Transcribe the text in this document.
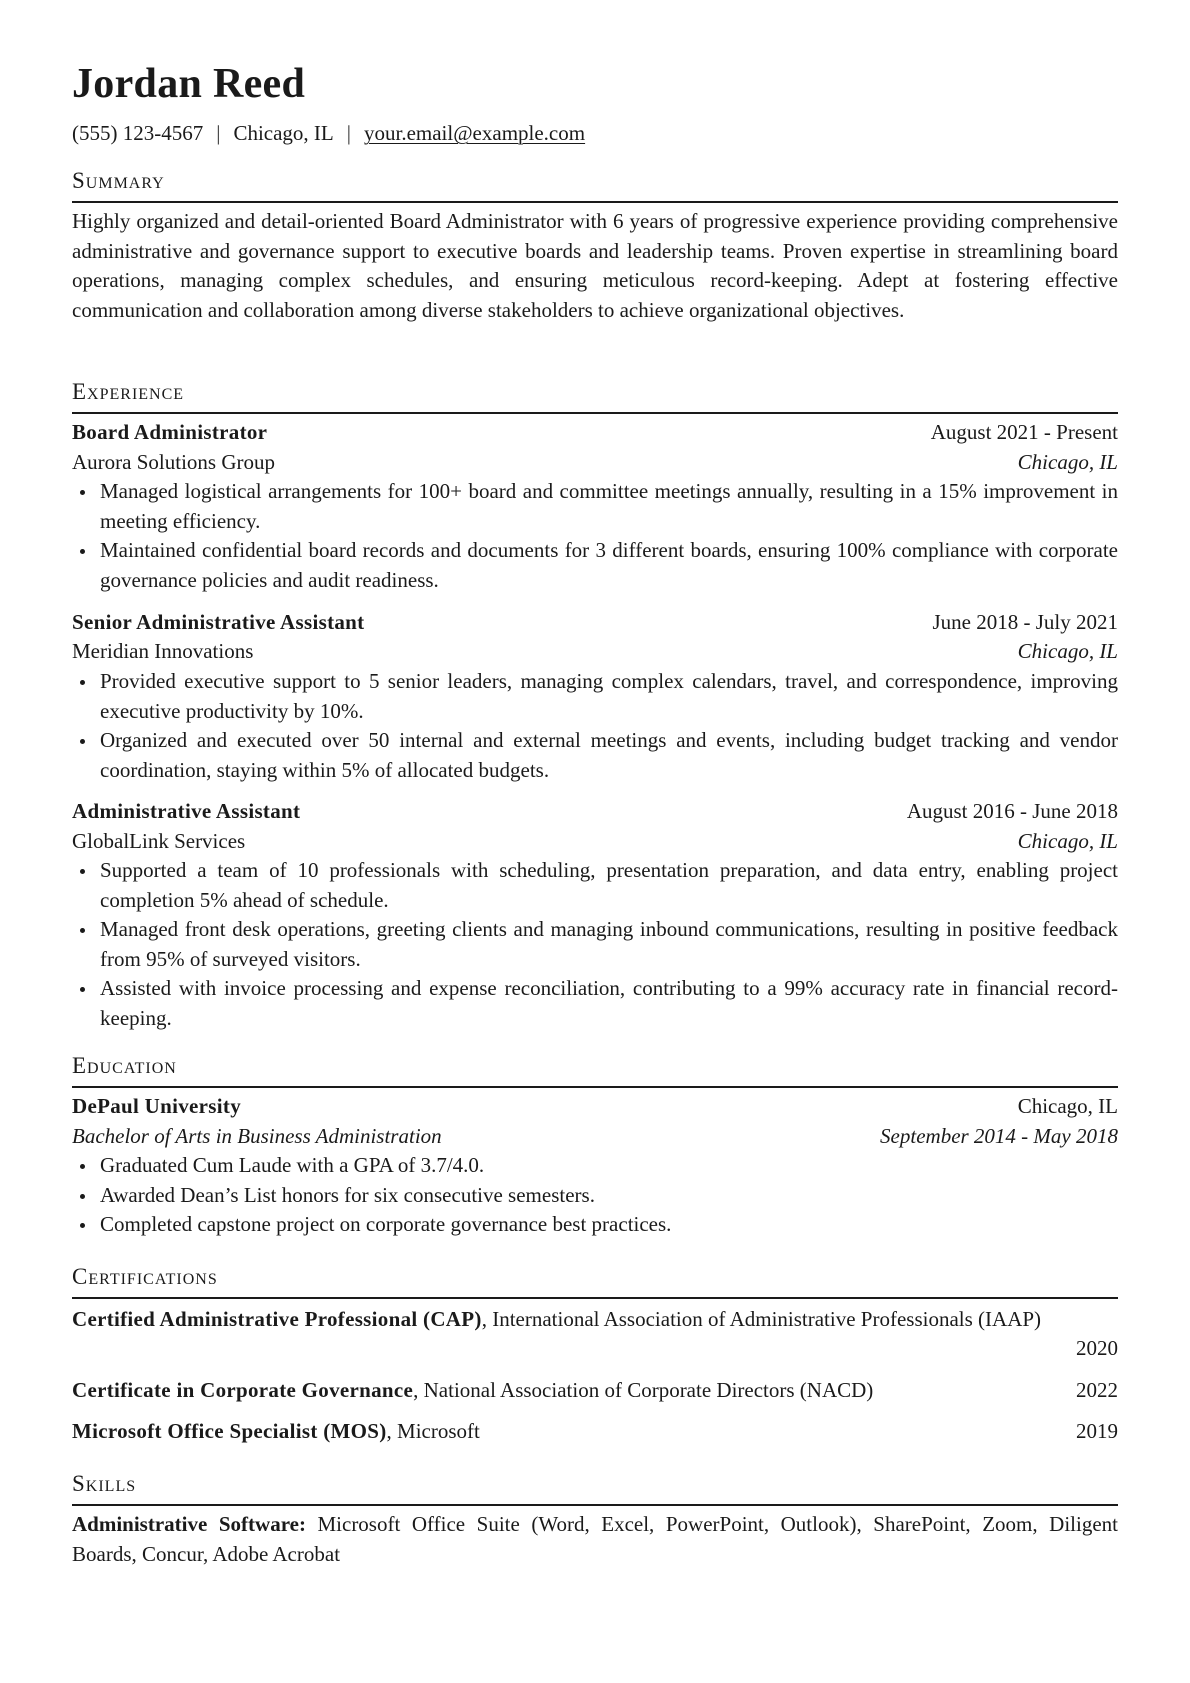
Jordan Reed
(555) 123-4567 | Chicago, IL | your.email@example.com
Summary
Highly organized and detail-oriented Board Administrator with 6 years of progressive experience providing comprehensive administrative and governance support to executive boards and leadership teams. Proven expertise in streamlining board operations, managing complex schedules, and ensuring meticulous record-keeping. Adept at fostering effective communication and collaboration among diverse stakeholders to achieve organizational objectives.
Experience
Board Administrator	August 2021 - Present
Aurora Solutions Group	Chicago, IL
Managed logistical arrangements for 100+ board and committee meetings annually, resulting in a 15% improvement in meeting efficiency.
Maintained confidential board records and documents for 3 different boards, ensuring 100% compliance with corporate governance policies and audit readiness.
Senior Administrative Assistant	June 2018 - July 2021
Meridian Innovations	Chicago, IL
Provided executive support to 5 senior leaders, managing complex calendars, travel, and correspondence, improving executive productivity by 10%.
Organized and executed over 50 internal and external meetings and events, including budget tracking and vendor coordination, staying within 5% of allocated budgets.
Administrative Assistant	August 2016 - June 2018
GlobalLink Services	Chicago, IL
Supported a team of 10 professionals with scheduling, presentation preparation, and data entry, enabling project completion 5% ahead of schedule.
Managed front desk operations, greeting clients and managing inbound communications, resulting in positive feedback from 95% of surveyed visitors.
Assisted with invoice processing and expense reconciliation, contributing to a 99% accuracy rate in financial record-keeping.
Education
DePaul University	Chicago, IL
Bachelor of Arts in Business Administration	September 2014 - May 2018
Graduated Cum Laude with a GPA of 3.7/4.0.
Awarded Dean’s List honors for six consecutive semesters.
Completed capstone project on corporate governance best practices.
Certifications
Certified Administrative Professional (CAP), International Association of Administrative Professionals (IAAP)
2020
Certificate in Corporate Governance, National Association of Corporate Directors (NACD)	2022
Microsoft Office Specialist (MOS), Microsoft	2019
Skills
Administrative Software: Microsoft Office Suite (Word, Excel, PowerPoint, Outlook), SharePoint, Zoom, Diligent Boards, Concur, Adobe Acrobat
